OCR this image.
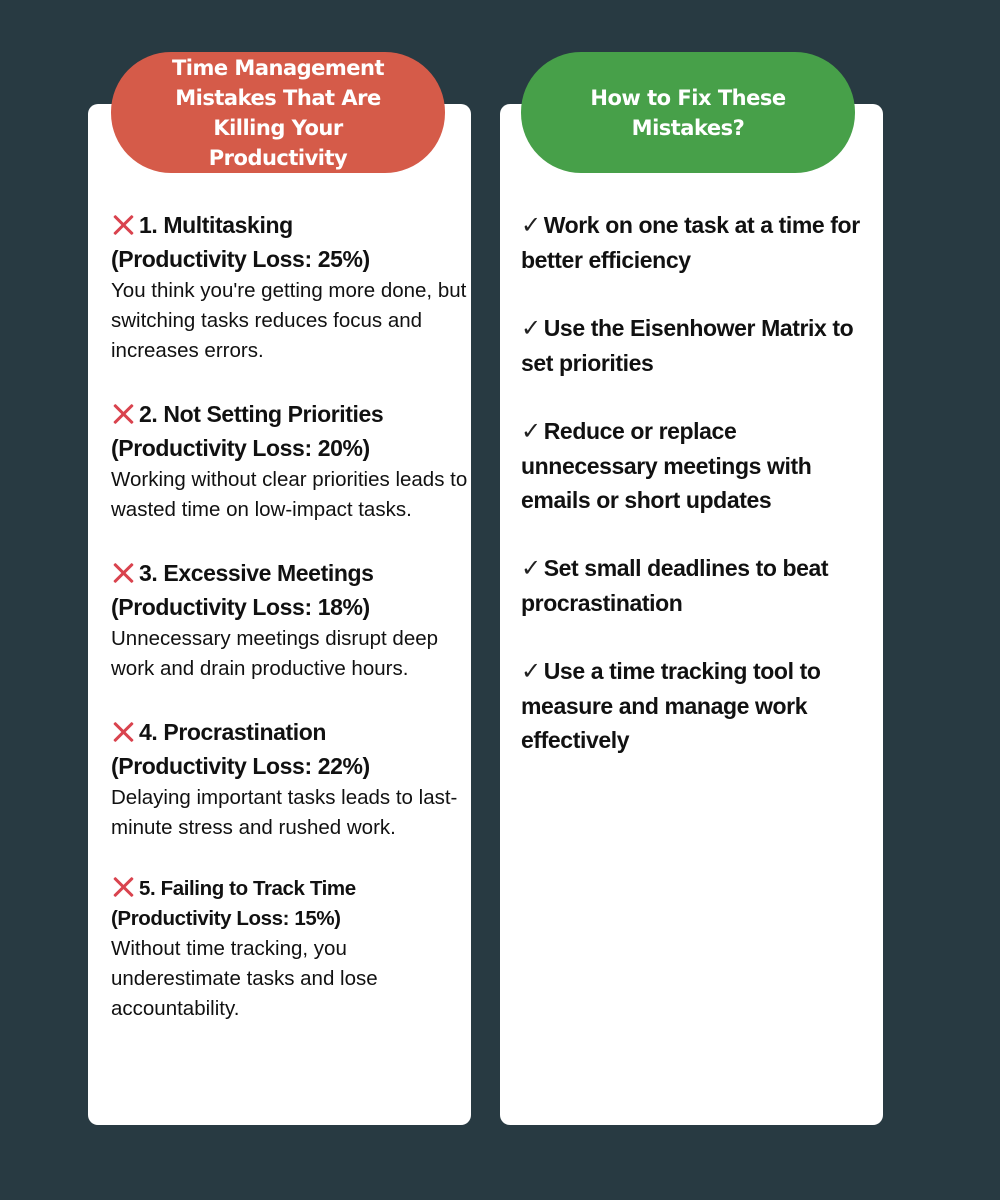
Time Management Mistakes That Are Killing Your Productivity
How to Fix These Mistakes?
1. Multitasking
(Productivity Loss: 25%)
You think you're getting more done, but switching tasks reduces focus and increases errors.
2. Not Setting Priorities
(Productivity Loss: 20%)
Working without clear priorities leads to wasted time on low-impact tasks.
3. Excessive Meetings
(Productivity Loss: 18%)
Unnecessary meetings disrupt deep work and drain productive hours.
4. Procrastination
(Productivity Loss: 22%)
Delaying important tasks leads to last-minute stress and rushed work.
5. Failing to Track Time
(Productivity Loss: 15%)
Without time tracking, you underestimate tasks and lose accountability.
✓ Work on one task at a time for better efficiency
✓ Use the Eisenhower Matrix to set priorities
✓ Reduce or replace unnecessary meetings with emails or short updates
✓ Set small deadlines to beat procrastination
✓ Use a time tracking tool to measure and manage work effectively
